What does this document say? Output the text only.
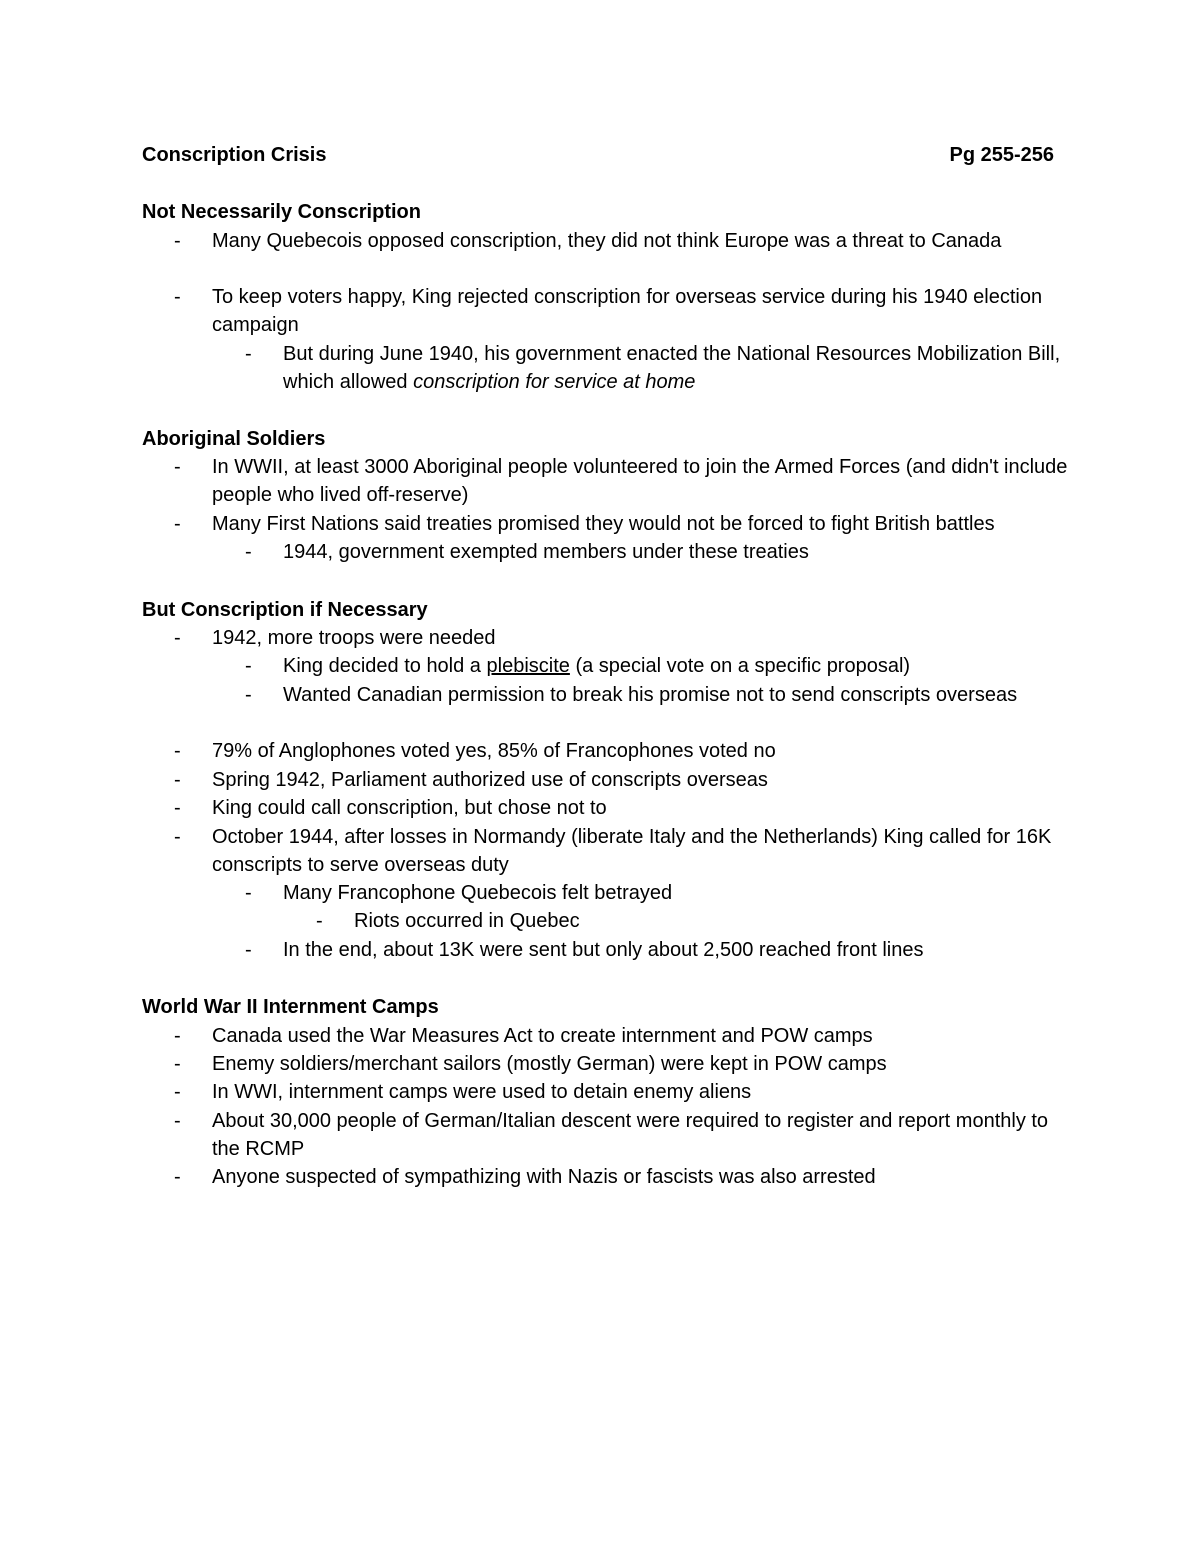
Conscription Crisis	Pg 255-256
Not Necessarily Conscription
- Many Quebecois opposed conscription, they did not think Europe was a threat to Canada
- To keep voters happy, King rejected conscription for overseas service during his 1940 election campaign
- But during June 1940, his government enacted the National Resources Mobilization Bill, which allowed conscription for service at home
Aboriginal Soldiers
- In WWII, at least 3000 Aboriginal people volunteered to join the Armed Forces (and didn't include people who lived off-reserve)
- Many First Nations said treaties promised they would not be forced to fight British battles
- 1944, government exempted members under these treaties
But Conscription if Necessary
- 1942, more troops were needed
- King decided to hold a plebiscite (a special vote on a specific proposal)
- Wanted Canadian permission to break his promise not to send conscripts overseas
- 79% of Anglophones voted yes, 85% of Francophones voted no
- Spring 1942, Parliament authorized use of conscripts overseas
- King could call conscription, but chose not to
- October 1944, after losses in Normandy (liberate Italy and the Netherlands) King called for 16K conscripts to serve overseas duty
- Many Francophone Quebecois felt betrayed
- Riots occurred in Quebec
- In the end, about 13K were sent but only about 2,500 reached front lines
World War II Internment Camps
- Canada used the War Measures Act to create internment and POW camps
- Enemy soldiers/merchant sailors (mostly German) were kept in POW camps
- In WWI, internment camps were used to detain enemy aliens
- About 30,000 people of German/Italian descent were required to register and report monthly to the RCMP
- Anyone suspected of sympathizing with Nazis or fascists was also arrested
